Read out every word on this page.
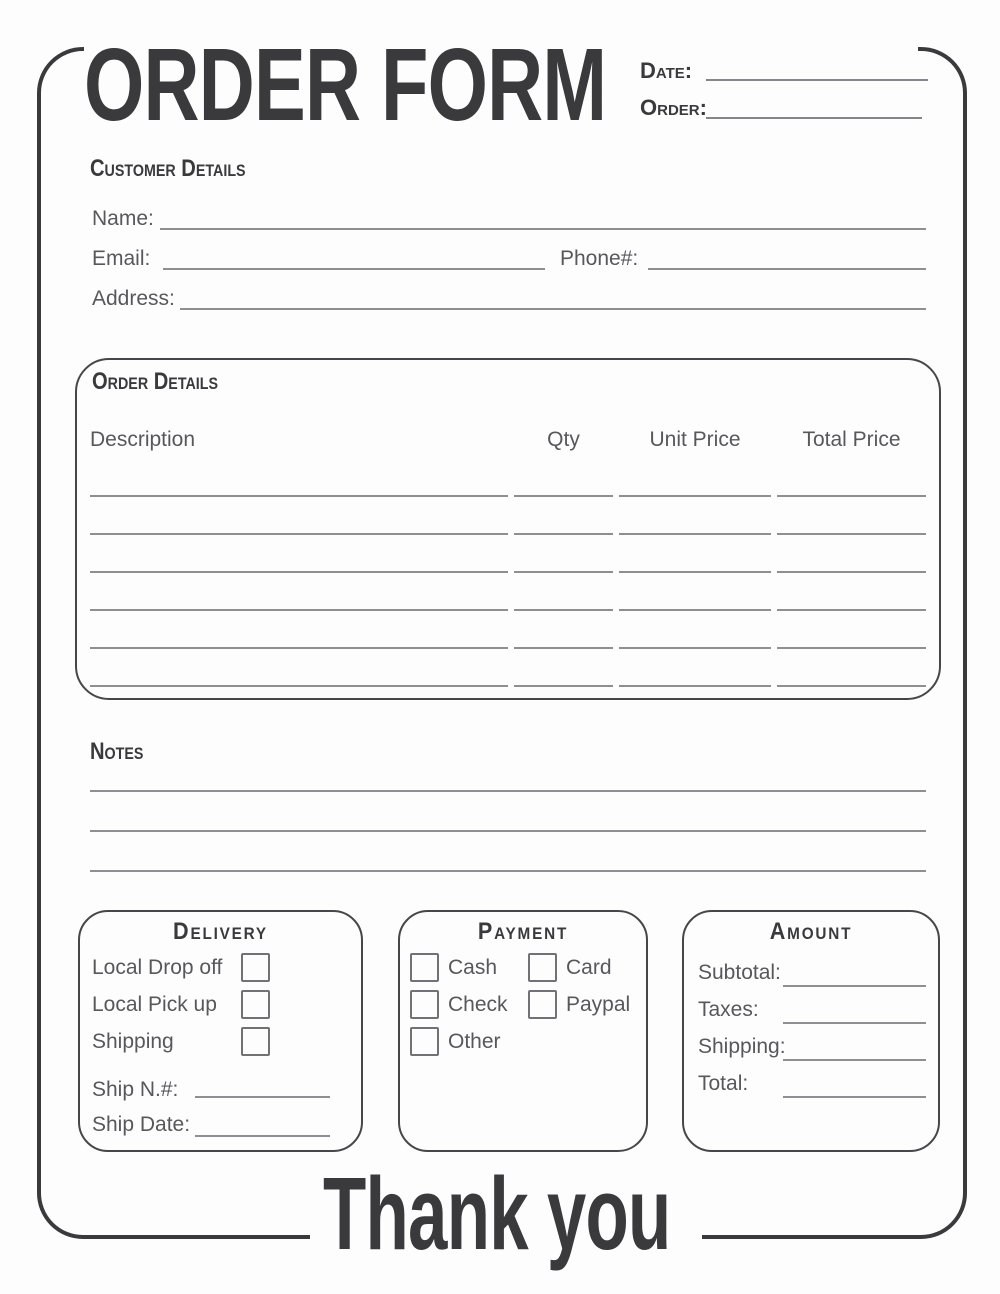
ORDER FORM Date:
Order:
Customer Details
Name:
Email:	Phone#:
Address:
Order Details
Description	Qty	Unit Price	Total Price
Notes
Delivery
Local Drop off
Local Pick up
Shipping
Ship N.#:
Ship Date:
Payment
Cash	Card
Check	Paypal
Other
Amount
Subtotal:
Taxes:
Shipping:
Total:
Thank you
